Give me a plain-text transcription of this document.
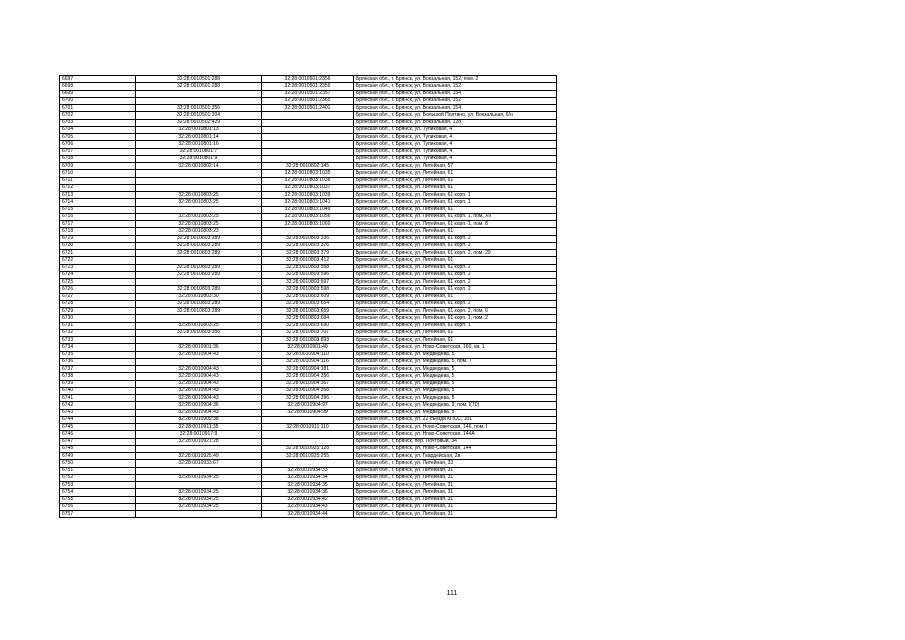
6697	32:28:0010501:288	32:28:0010501:2356	Брянская обл., г. Брянск, ул. Вокзальная, 152, пом. 2
6698	32:28:0010501:288	32:28:0010501:2356	Брянская обл., г. Брянск, ул. Вокзальная, 152
6699		32:28:0010501:2357	Брянская обл., г. Брянск, ул. Вокзальная, 154
6700		32:28:0010501:2365	Брянская обл., г. Брянск, ул. Вокзальная, 152
6701	32:28:0010501:356	32:28:0010501:2401	Брянская обл., г. Брянск, ул. Вокзальная, 154
6702	32:28:0010501:304		Брянская обл., г. Брянск, ул. Большой Полтино, ул. Вокзальная, 6/н
6703	32:28:0010502:429		Брянская обл., г. Брянск, ул. Вокзальная, 128
6704	32:28:0010801:13		Брянская обл., г. Брянск, ул. Тупиковая, 4
6705	32:28:0010801:14		Брянская обл., г. Брянск, ул. Тупиковая, 4
6706	32:28:0010801:16		Брянская обл., г. Брянск, ул. Тупиковая, 4
6707	32:28:0010801:7		Брянская обл., г. Брянск, ул. Тупиковая, 4
6708	32:28:0010801:9		Брянская обл., г. Брянск, ул. Тупиковая, 4
6709	32:28:0010802:14	32:28:0010802:145	Брянская обл., г. Брянск, ул. Литейная, 57
6710		32:28:0010803:1035	Брянская обл., г. Брянск, ул. Литейная, 61
6711		32:28:0010803:1036	Брянская обл., г. Брянск, ул. Литейная, 61
6712		32:28:0010803:1037	Брянская обл., г. Брянск, ул. Литейная, 61
6713	32:28:0010803:25	32:28:0010803:1039	Брянская обл., г. Брянск, ул. Литейная, 61 корп. 1
6714	32:28:0010803:25	32:28:0010803:1041	Брянская обл., г. Брянск, ул. Литейная, 61 корп. 1
6715		32:28:0010803:1049	Брянская обл., г. Брянск, ул. Литейная, 61
6716	32:28:0010803:25	32:28:0010803:1056	Брянская обл., г. Брянск, ул. Литейная, 61 корп. 1, пом. XII
6717	32:28:0010803:25	32:28:0010803:1060	Брянская обл., г. Брянск, ул. Литейная, 61 корп. 1, пом. 8
6718	32:28:0010803:23		Брянская обл., г. Брянск, ул. Литейная, 61
6719	32:28:0010803:289	32:28:0010803:336	Брянская обл., г. Брянск, ул. Литейная, 61 корп. 2
6720	32:28:0010803:289	32:28:0010803:376	Брянская обл., г. Брянск, ул. Литейная, 61 корп. 2
6721	32:28:0010803:289	32:28:0010803:379	Брянская обл., г. Брянск, ул. Литейная, 61 корп. 2, пом. 29
6722		32:28:0010803:412	Брянская обл., г. Брянск, ул. Литейная, 61
6723	32:28:0010803:289	32:28:0010803:558	Брянская обл., г. Брянск, ул. Литейная, 61 корп. 2
6724	32:28:0010803:289	32:28:0010803:596	Брянская обл., г. Брянск, ул. Литейная, 61 корп. 2
6725		32:28:0010803:597	Брянская обл., г. Брянск, ул. Литейная, 61 корп. 2
6726	32:28:0010803:289	32:28:0010803:598	Брянская обл., г. Брянск, ул. Литейная, 61 корп. 2
6727	32:28:0010803:30	32:28:0010803:609	Брянская обл., г. Брянск, ул. Литейная, 61
6728	32:28:0010803:289	32:28:0010803:654	Брянская обл., г. Брянск, ул. Литейная, 61 корп. 2
6729	32:28:0010803:289	32:28:0010803:659	Брянская обл., г. Брянск, ул. Литейная, 61 корп. 2, пом. 6
6730		32:28:0010803:684	Брянская обл., г. Брянск, ул. Литейная, 61 корп. 1, пом. 2
6731	32:28:0010803:25	32:28:0010803:690	Брянская обл., г. Брянск, ул. Литейная, 61 корп. 1
6732	32:28:0010803:356	32:28:0010803:707	Брянская обл., г. Брянск, ул. Литейная, 61
6733		32:28:0010803:893	Брянская обл., г. Брянск, ул. Литейная, 61
6734	32:28:0010901:36	32:28:0010901:40	Брянская обл., г. Брянск, ул. Ново-Советская, 160, кв. 1
6735	32:28:0010904:43	32:28:0010904:110	Брянская обл., г. Брянск, ул. Медведева, 5
6736		32:28:0010904:116	Брянская обл., г. Брянск, ул. Медведева, 5, пом. 7
6737	32:28:0010904:43	32:28:0010904:181	Брянская обл., г. Брянск, ул. Медведева, 5
6738	32:28:0010904:43	32:28:0010904:356	Брянская обл., г. Брянск, ул. Медведева, 5
6739	32:28:0010904:43	32:28:0010904:367	Брянская обл., г. Брянск, ул. Медведева, 5
6740	32:28:0010904:43	32:28:0010904:368	Брянская обл., г. Брянск, ул. Медведева, 5
6741	32:28:0010904:43	32:28:0010904:396	Брянская обл., г. Брянск, ул. Медведева, 5
6742	32:28:0010904:36	32:28:0010904:97	Брянская обл., г. Брянск, ул. Медведева, 9, пом. I(70)
6743	32:28:0010904:43	32:28:0010904:99	Брянская обл., г. Брянск, ул. Медведева, 5
6744	32:28:0010909:38		Брянская обл., г. Брянск, ул. 22 съезда КПСС, 101
6745	32:28:0010911:35	32:28:0010911:110	Брянская обл., г. Брянск, ул. Ново-Советская, 146, пом. I
6746	32:28:0010917:9		Брянская обл., г. Брянск, ул. Ново-Советская, 144А
6747	32:28:0010921:28		Брянская обл., г. Брянск, пер. Почтовый, 34
6748		32:28:0010925:128	Брянская обл., г. Брянск, ул. Ново-Советская, 144
6749	32:28:0010925:49	32:28:0010925:255	Брянская обл., г. Брянск, ул. Гвардейская, 2в
6750	32:28:0010933:67		Брянская обл., г. Брянск, ул. Литейная, 33
6751		32:28:0010934:33	Брянская обл., г. Брянск, ул. Литейная, 31
6752	32:28:0010934:25	32:28:0010934:34	Брянская обл., г. Брянск, ул. Литейная, 31
6753		32:28:0010934:35	Брянская обл., г. Брянск, ул. Литейная, 31
6754	32:28:0010934:25	32:28:0010934:36	Брянская обл., г. Брянск, ул. Литейная, 31
6755	32:28:0010934:25	32:28:0010934:42	Брянская обл., г. Брянск, ул. Литейная, 31
6756	32:28:0010934:25	32:28:0010934:43	Брянская обл., г. Брянск, ул. Литейная, 31
6757		32:28:0010934:44	Брянская обл., г. Брянск, ул. Литейная, 31
111
